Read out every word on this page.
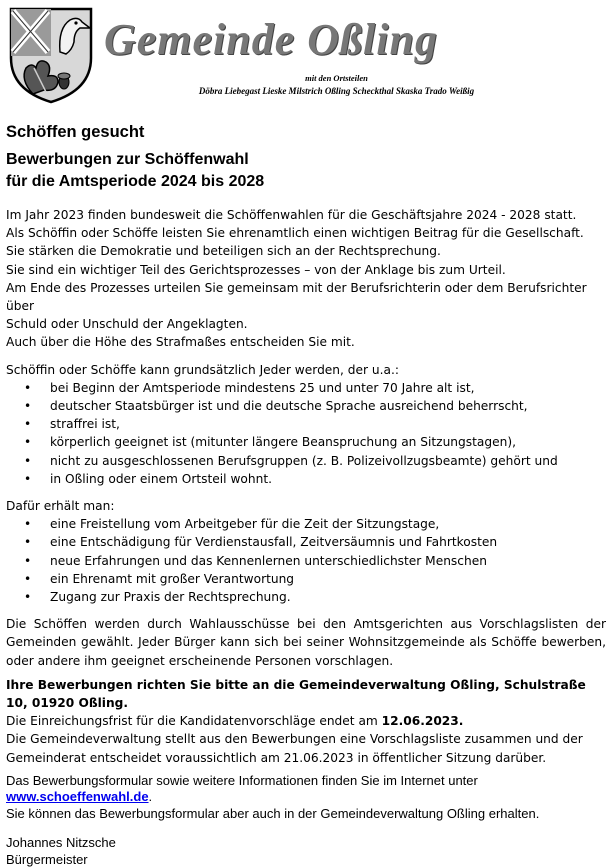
Gemeinde Oßling
mit den Ortsteilen
Döbra Liebegast Lieske Milstrich Oßling Scheckthal Skaska Trado Weißig
Schöffen gesucht
Bewerbungen zur Schöffenwahl
für die Amtsperiode 2024 bis 2028

Im Jahr 2023 finden bundesweit die Schöffenwahlen für die Geschäftsjahre 2024 - 2028 statt.

Als Schöffin oder Schöffe leisten Sie ehrenamtlich einen wichtigen Beitrag für die Gesellschaft.

Sie stärken die Demokratie und beteiligen sich an der Rechtsprechung.

Sie sind ein wichtiger Teil des Gerichtsprozesses – von der Anklage bis zum Urteil.

Am Ende des Prozesses urteilen Sie gemeinsam mit der Berufsrichterin oder dem Berufsrichter über

Schuld oder Unschuld der Angeklagten.

Auch über die Höhe des Strafmaßes entscheiden Sie mit.

Schöffin oder Schöffe kann grundsätzlich Jeder werden, der u.a.:

• bei Beginn der Amtsperiode mindestens 25 und unter 70 Jahre alt ist,
• deutscher Staatsbürger ist und die deutsche Sprache ausreichend beherrscht,
• straffrei ist,
• körperlich geeignet ist (mitunter längere Beanspruchung an Sitzungstagen),
• nicht zu ausgeschlossenen Berufsgruppen (z. B. Polizeivollzugsbeamte) gehört und
• in Oßling oder einem Ortsteil wohnt.

Dafür erhält man:

• eine Freistellung vom Arbeitgeber für die Zeit der Sitzungstage,
• eine Entschädigung für Verdienstausfall, Zeitversäumnis und Fahrtkosten
• neue Erfahrungen und das Kennenlernen unterschiedlichster Menschen
• ein Ehrenamt mit großer Verantwortung
• Zugang zur Praxis der Rechtsprechung.

Die Schöffen werden durch Wahlausschüsse bei den Amtsgerichten aus Vorschlagslisten der Gemeinden gewählt. Jeder Bürger kann sich bei seiner Wohnsitzgemeinde als Schöffe bewerben, oder andere ihm geeignet erscheinende Personen vorschlagen.

Ihre Bewerbungen richten Sie bitte an die Gemeindeverwaltung Oßling, Schulstraße 10, 01920 Oßling.

Die Einreichungsfrist für die Kandidatenvorschläge endet am 12.06.2023.

Die Gemeindeverwaltung stellt aus den Bewerbungen eine Vorschlagsliste zusammen und der Gemeinderat entscheidet voraussichtlich am 21.06.2023 in öffentlicher Sitzung darüber.

Das Bewerbungsformular sowie weitere Informationen finden Sie im Internet unter

www.schoeffenwahl.de.

Sie können das Bewerbungsformular aber auch in der Gemeindeverwaltung Oßling erhalten.

Johannes Nitzsche

Bürgermeister
